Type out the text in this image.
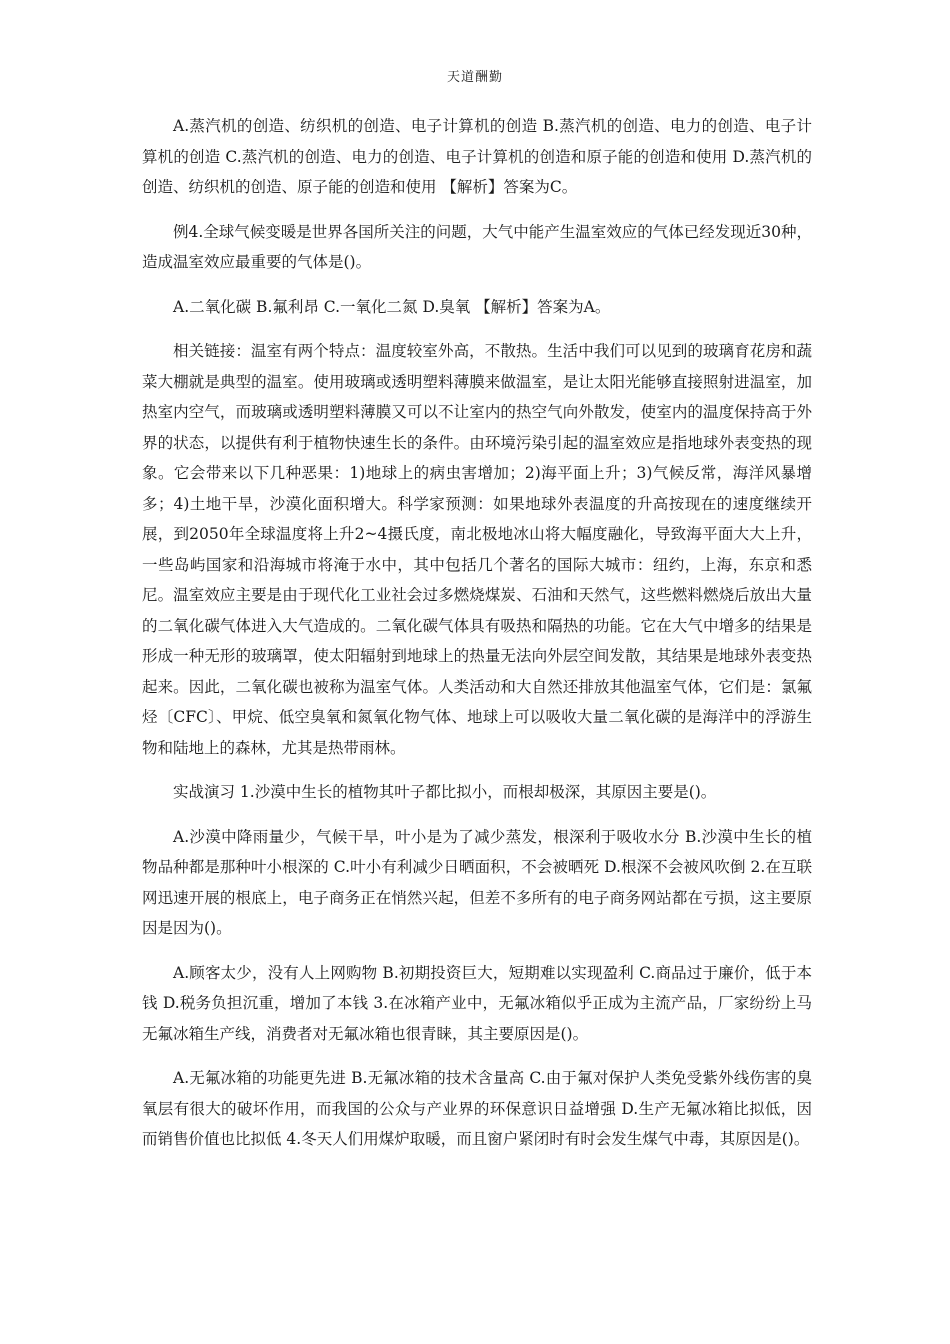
天道酬勤

A.蒸汽机的创造、纺织机的创造、电子计算机的创造 B.蒸汽机的创造、电力的创造、电子计算机的创造 C.蒸汽机的创造、电力的创造、电子计算机的创造和原子能的创造和使用 D.蒸汽机的创造、纺织机的创造、原子能的创造和使用 【解析】答案为C。

例4.全球气候变暖是世界各国所关注的问题，大气中能产生温室效应的气体已经发现近30种，造成温室效应最重要的气体是()。

A.二氧化碳 B.氟利昂 C.一氧化二氮 D.臭氧 【解析】答案为A。

相关链接：温室有两个特点：温度较室外高，不散热。生活中我们可以见到的玻璃育花房和蔬菜大棚就是典型的温室。使用玻璃或透明塑料薄膜来做温室，是让太阳光能够直接照射进温室，加热室内空气，而玻璃或透明塑料薄膜又可以不让室内的热空气向外散发，使室内的温度保持高于外界的状态，以提供有利于植物快速生长的条件。由环境污染引起的温室效应是指地球外表变热的现象。它会带来以下几种恶果：1)地球上的病虫害增加；2)海平面上升；3)气候反常，海洋风暴增多；4)土地干旱，沙漠化面积增大。科学家预测：如果地球外表温度的升高按现在的速度继续开展，到2050年全球温度将上升2~4摄氏度，南北极地冰山将大幅度融化，导致海平面大大上升，一些岛屿国家和沿海城市将淹于水中，其中包括几个著名的国际大城市：纽约，上海，东京和悉尼。温室效应主要是由于现代化工业社会过多燃烧煤炭、石油和天然气，这些燃料燃烧后放出大量的二氧化碳气体进入大气造成的。二氧化碳气体具有吸热和隔热的功能。它在大气中增多的结果是形成一种无形的玻璃罩，使太阳辐射到地球上的热量无法向外层空间发散，其结果是地球外表变热起来。因此，二氧化碳也被称为温室气体。人类活动和大自然还排放其他温室气体，它们是：氯氟烃〔CFC〕、甲烷、低空臭氧和氮氧化物气体、地球上可以吸收大量二氧化碳的是海洋中的浮游生物和陆地上的森林，尤其是热带雨林。

实战演习 1.沙漠中生长的植物其叶子都比拟小，而根却极深，其原因主要是()。

A.沙漠中降雨量少，气候干旱，叶小是为了减少蒸发，根深利于吸收水分 B.沙漠中生长的植物品种都是那种叶小根深的 C.叶小有利减少日晒面积，不会被晒死 D.根深不会被风吹倒 2.在互联网迅速开展的根底上，电子商务正在悄然兴起，但差不多所有的电子商务网站都在亏损，这主要原因是因为()。

A.顾客太少，没有人上网购物 B.初期投资巨大，短期难以实现盈利 C.商品过于廉价，低于本钱 D.税务负担沉重，增加了本钱 3.在冰箱产业中，无氟冰箱似乎正成为主流产品，厂家纷纷上马无氟冰箱生产线，消费者对无氟冰箱也很青睐，其主要原因是()。

A.无氟冰箱的功能更先进 B.无氟冰箱的技术含量高 C.由于氟对保护人类免受紫外线伤害的臭氧层有很大的破坏作用，而我国的公众与产业界的环保意识日益增强 D.生产无氟冰箱比拟低，因而销售价值也比拟低 4.冬天人们用煤炉取暖，而且窗户紧闭时有时会发生煤气中毒，其原因是()。
